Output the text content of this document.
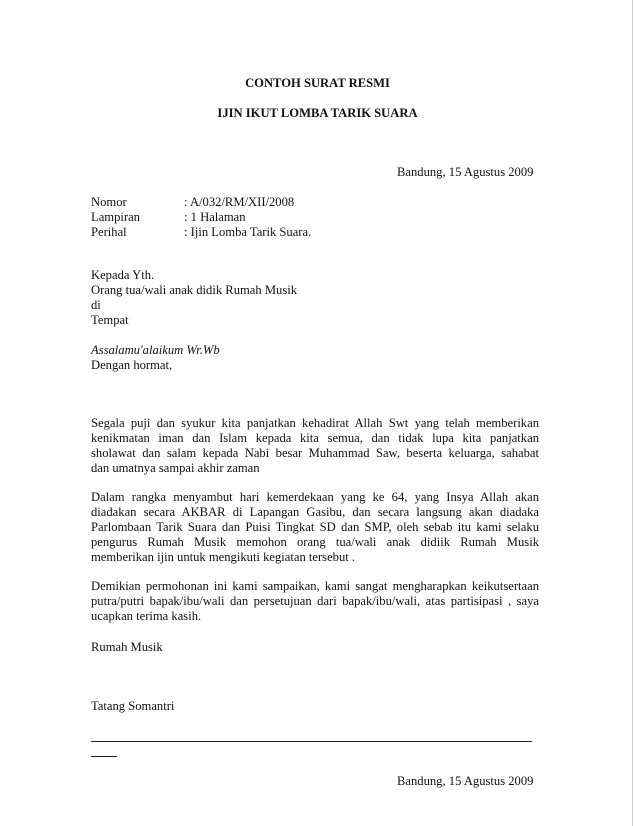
CONTOH SURAT RESMI
IJIN IKUT LOMBA TARIK SUARA
Bandung, 15 Agustus 2009
Nomor	: A/032/RM/XII/2008
Lampiran	: 1 Halaman
Perihal	: Ijin Lomba Tarik Suara.
Kepada Yth.
Orang tua/wali anak didik Rumah Musik
di
Tempat
Assalamu'alaikum Wr.Wb
Dengan hormat,
Segala puji dan syukur kita panjatkan kehadirat Allah Swt yang telah memberikan
kenikmatan iman dan Islam kepada kita semua, dan tidak lupa kita panjatkan
sholawat dan salam kepada Nabi besar Muhammad Saw, beserta keluarga, sahabat
dan umatnya sampai akhir zaman
Dalam rangka menyambut hari kemerdekaan yang ke 64, yang Insya Allah akan
diadakan secara AKBAR di Lapangan Gasibu, dan secara langsung akan diadaka
Parlombaan Tarik Suara dan Puisi Tingkat SD dan SMP, oleh sebab itu kami selaku
pengurus Rumah Musik memohon orang tua/wali anak didiik Rumah Musik
memberikan ijin untuk mengikuti kegiatan tersebut .
Demikian permohonan ini kami sampaikan, kami sangat mengharapkan keikutsertaan
putra/putri bapak/ibu/wali dan persetujuan dari bapak/ibu/wali, atas partisipasi , saya
ucapkan terima kasih.
Rumah Musik
Tatang Somantri
Bandung, 15 Agustus 2009
